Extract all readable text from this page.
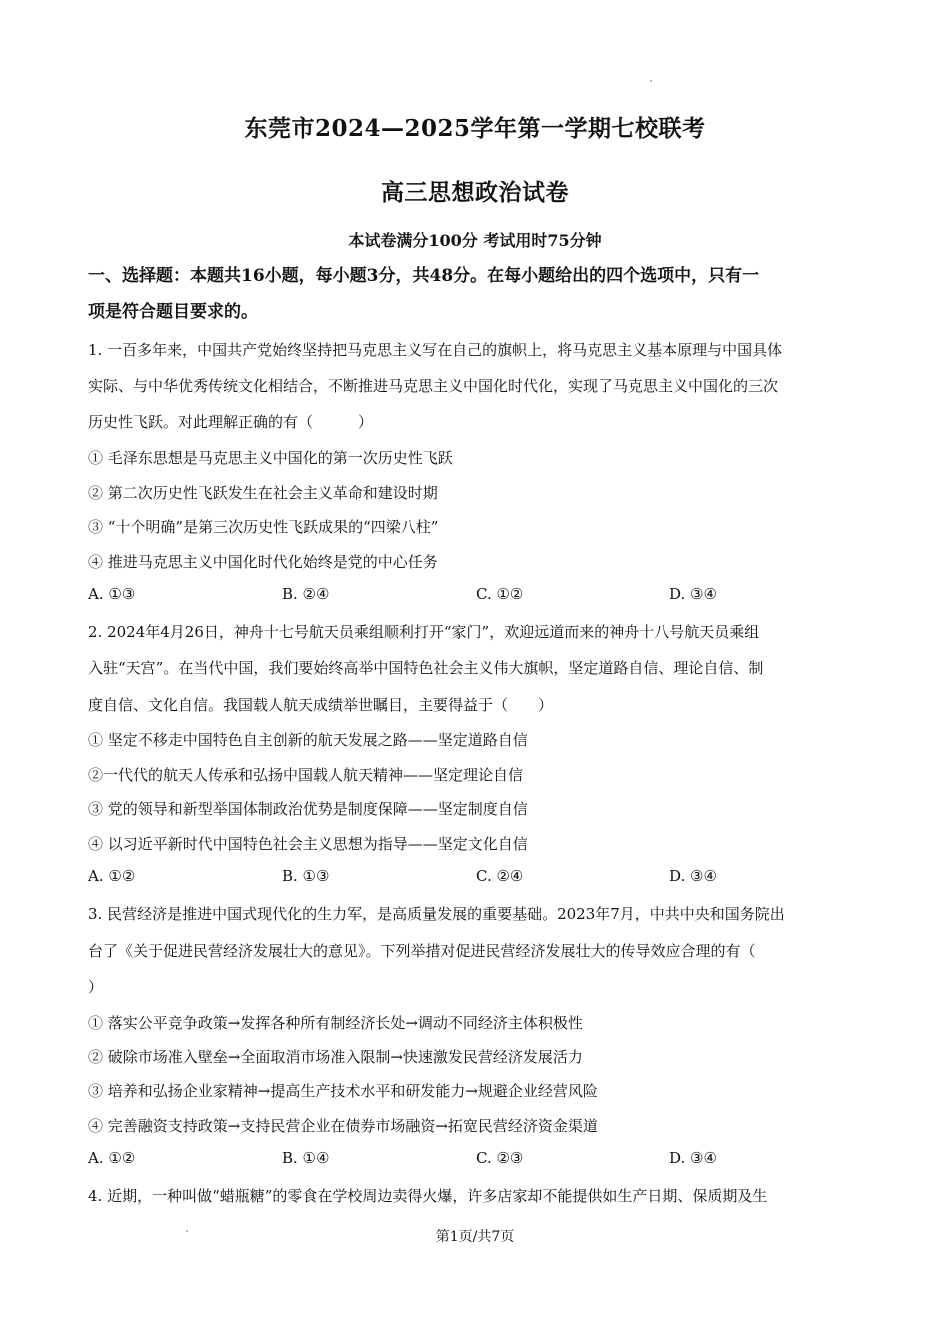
东莞市2024—2025学年第一学期七校联考
高三思想政治试卷
本试卷满分100分 考试用时75分钟
一、选择题：本题共16小题，每小题3分，共48分。在每小题给出的四个选项中，只有一
项是符合题目要求的。
1. 一百多年来，中国共产党始终坚持把马克思主义写在自己的旗帜上，将马克思主义基本原理与中国具体
实际、与中华优秀传统文化相结合，不断推进马克思主义中国化时代化，实现了马克思主义中国化的三次
历史性飞跃。对此理解正确的有（　　　）
① 毛泽东思想是马克思主义中国化的第一次历史性飞跃
② 第二次历史性飞跃发生在社会主义革命和建设时期
③ “十个明确”是第三次历史性飞跃成果的“四梁八柱”
④ 推进马克思主义中国化时代化始终是党的中心任务
A. ①③	B. ②④	C. ①②	D. ③④
2. 2024年4月26日，神舟十七号航天员乘组顺利打开“家门”，欢迎远道而来的神舟十八号航天员乘组
入驻“天宫”。在当代中国，我们要始终高举中国特色社会主义伟大旗帜，坚定道路自信、理论自信、制
度自信、文化自信。我国载人航天成绩举世瞩目，主要得益于（　　）
① 坚定不移走中国特色自主创新的航天发展之路——坚定道路自信
②一代代的航天人传承和弘扬中国载人航天精神——坚定理论自信
③ 党的领导和新型举国体制政治优势是制度保障——坚定制度自信
④ 以习近平新时代中国特色社会主义思想为指导——坚定文化自信
A. ①②	B. ①③	C. ②④	D. ③④
3. 民营经济是推进中国式现代化的生力军，是高质量发展的重要基础。2023年7月，中共中央和国务院出
台了《关于促进民营经济发展壮大的意见》。下列举措对促进民营经济发展壮大的传导效应合理的有（
）
① 落实公平竞争政策→发挥各种所有制经济长处→调动不同经济主体积极性
② 破除市场准入壁垒→全面取消市场准入限制→快速激发民营经济发展活力
③ 培养和弘扬企业家精神→提高生产技术水平和研发能力→规避企业经营风险
④ 完善融资支持政策→支持民营企业在债券市场融资→拓宽民营经济资金渠道
A. ①②	B. ①④	C. ②③	D. ③④
4. 近期，一种叫做“蜡瓶糖”的零食在学校周边卖得火爆，许多店家却不能提供如生产日期、保质期及生
第1页/共7页
